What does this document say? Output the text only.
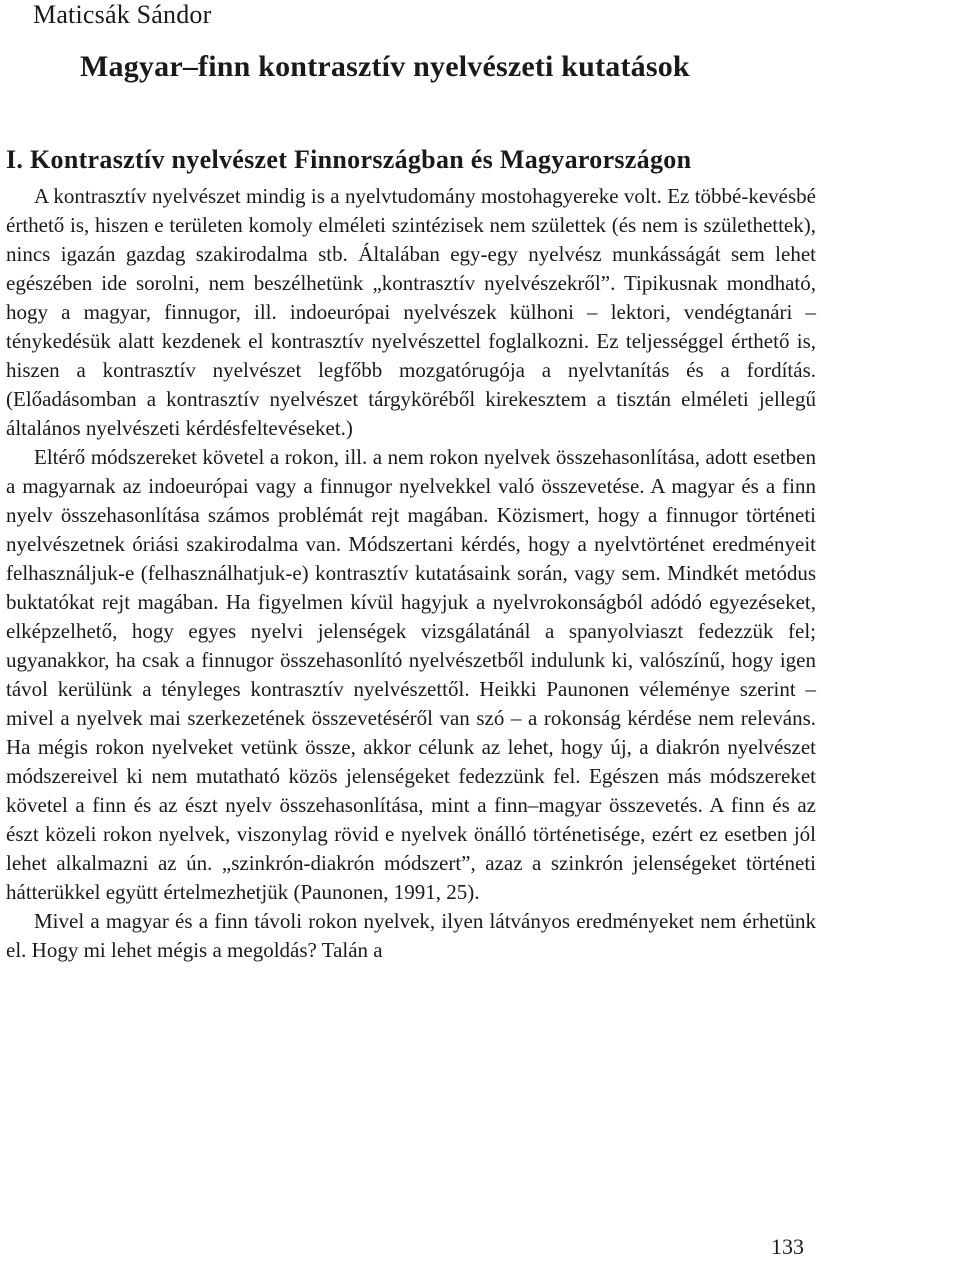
Maticsák Sándor
Magyar–finn kontrasztív nyelvészeti kutatások
I. Kontrasztív nyelvészet Finnországban és Magyarországon

A kontrasztív nyelvészet mindig is a nyelvtudomány mostohagyereke volt. Ez többé-kevésbé érthető is, hiszen e területen komoly elméleti szintézisek nem születtek (és nem is születhettek), nincs igazán gazdag szakirodalma stb. Általában egy-egy nyelvész munkásságát sem lehet egészében ide sorolni, nem beszélhetünk „kontrasztív nyelvészekről”. Tipikusnak mondható, hogy a magyar, finnugor, ill. indoeurópai nyelvészek külhoni – lektori, vendégtanári – ténykedésük alatt kezdenek el kontrasztív nyelvészettel foglalkozni. Ez teljességgel érthető is, hiszen a kontrasztív nyelvészet legfőbb mozgatórugója a nyelvtanítás és a fordítás. (Előadásomban a kontrasztív nyelvészet tárgyköréből kirekesztem a tisztán elméleti jellegű általános nyelvészeti kérdésfeltevéseket.)

Eltérő módszereket követel a rokon, ill. a nem rokon nyelvek összehasonlítása, adott esetben a magyarnak az indoeurópai vagy a finnugor nyelvekkel való összevetése. A magyar és a finn nyelv összehasonlítása számos problémát rejt magában. Közismert, hogy a finnugor történeti nyelvészetnek óriási szakirodalma van. Módszertani kérdés, hogy a nyelvtörténet eredményeit felhasználjuk-e (felhasználhatjuk-e) kontrasztív kutatásaink során, vagy sem. Mindkét metódus buktatókat rejt magában. Ha figyelmen kívül hagyjuk a nyelvrokonságból adódó egyezéseket, elképzelhető, hogy egyes nyelvi jelenségek vizsgálatánál a spanyolviaszt fedezzük fel; ugyanakkor, ha csak a finnugor összehasonlító nyelvészetből indulunk ki, valószínű, hogy igen távol kerülünk a tényleges kontrasztív nyelvészettől. Heikki Paunonen véleménye szerint – mivel a nyelvek mai szerkezetének összevetéséről van szó – a rokonság kérdése nem releváns. Ha mégis rokon nyelveket vetünk össze, akkor célunk az lehet, hogy új, a diakrón nyelvészet módszereivel ki nem mutatható közös jelenségeket fedezzünk fel. Egészen más módszereket követel a finn és az észt nyelv összehasonlítása, mint a finn–magyar összevetés. A finn és az észt közeli rokon nyelvek, viszonylag rövid e nyelvek önálló történetisége, ezért ez esetben jól lehet alkalmazni az ún. „szinkrón-diakrón módszert”, azaz a szinkrón jelenségeket történeti hátterükkel együtt értelmezhetjük (Paunonen, 1991, 25).

Mivel a magyar és a finn távoli rokon nyelvek, ilyen látványos eredményeket nem érhetünk el. Hogy mi lehet mégis a megoldás? Talán a

133
